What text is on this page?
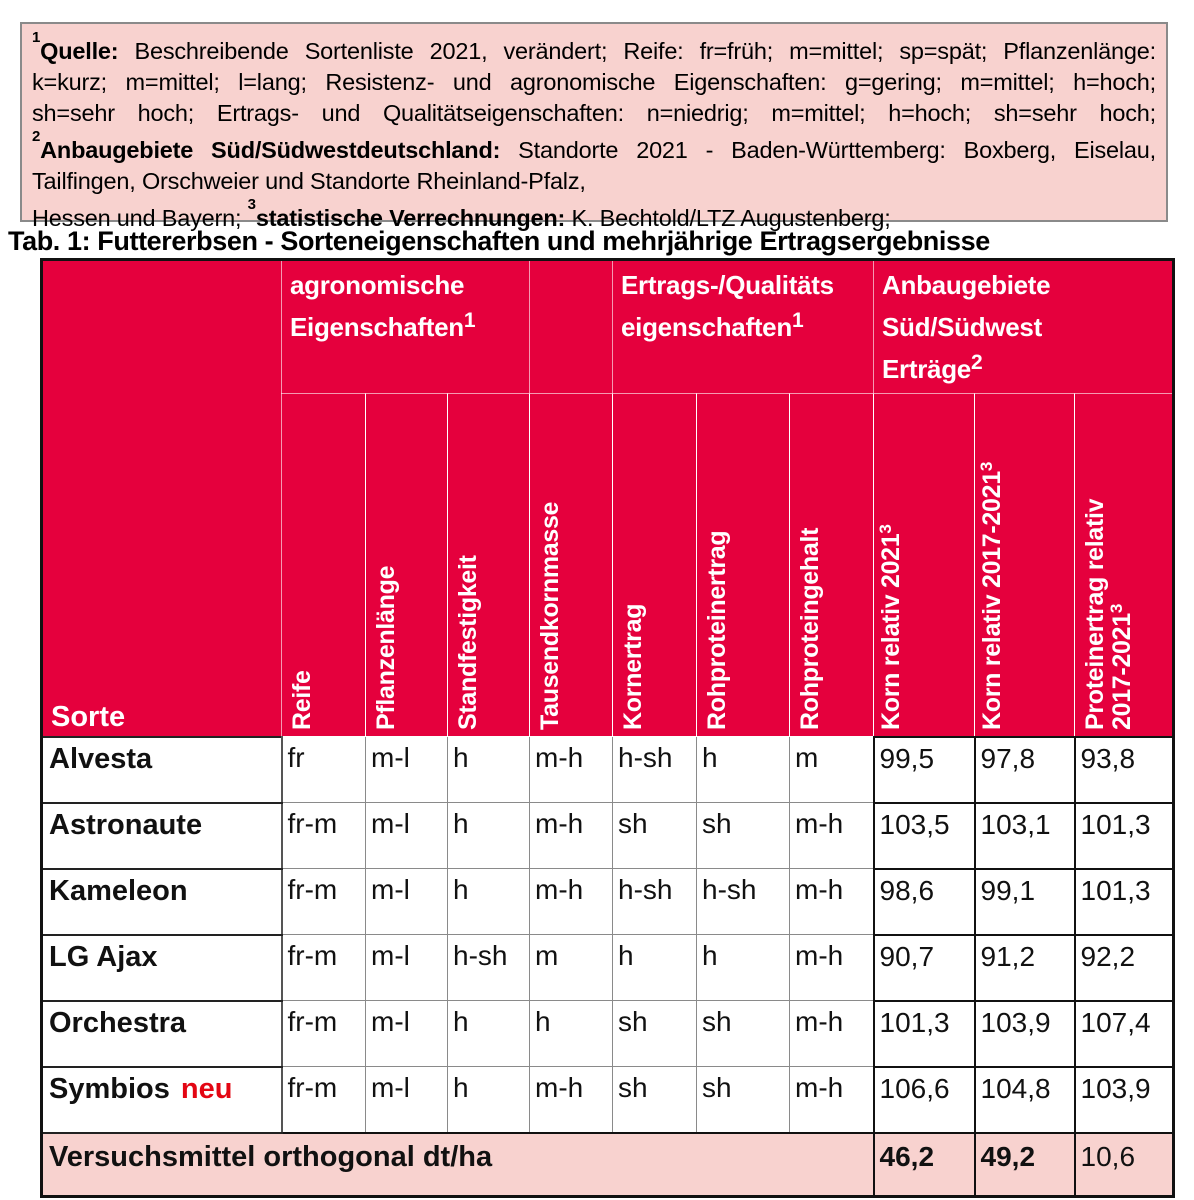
$^1$Quelle: Beschreibende Sortenliste 2021, verändert; Reife: fr=früh; m=mittel; sp=spät; Pflanzenlänge:
k=kurz; m=mittel; l=lang; Resistenz- und agronomische Eigenschaften: g=gering; m=mittel; h=hoch;
sh=sehr hoch; Ertrags- und Qualitätseigenschaften: n=niedrig; m=mittel; h=hoch; sh=sehr hoch;
$^2$Anbaugebiete Süd/Südwestdeutschland: Standorte 2021 - Baden-Württemberg: Boxberg, Eiselau,
Tailfingen, Orschweier und Standorte Rheinland-Pfalz,
Hessen und Bayern; $^3$statistische Verrechnungen: K. Bechtold/LTZ Augustenberg;
Tab. 1: Futtererbsen - Sorteneigenschaften und mehrjährige Ertragsergebnisse
Sorte	agronomische
Eigenschaften$^1$				Ertrags-/Qualitäts
eigenschaften$^1$			Anbaugebiete
Süd/Südwest
Erträge$^2$

	Reife	Pflanzenlänge	Standfestigkeit	Tausendkornmasse	Kornertrag	Rohproteinertrag	Rohproteingehalt	Korn relativ 2021$^3$	Korn relativ 2017-2021$^3$	Proteinertrag relativ 2017-2021$^3$

Alvesta	fr	m-l	h	m-h	h-sh	h	m	99,5	97,8	93,8
Astronaute	fr-m	m-l	h	m-h	sh	sh	m-h	103,5	103,1	101,3
Kameleon	fr-m	m-l	h	m-h	h-sh	h-sh	m-h	98,6	99,1	101,3
LG Ajax	fr-m	m-l	h-sh	m	h	h	m-h	90,7	91,2	92,2
Orchestra	fr-m	m-l	h	h	sh	sh	m-h	101,3	103,9	107,4
Symbios neu	fr-m	m-l	h	m-h	sh	sh	m-h	106,6	104,8	103,9
Versuchsmittel orthogonal dt/ha								46,2	49,2	10,6
